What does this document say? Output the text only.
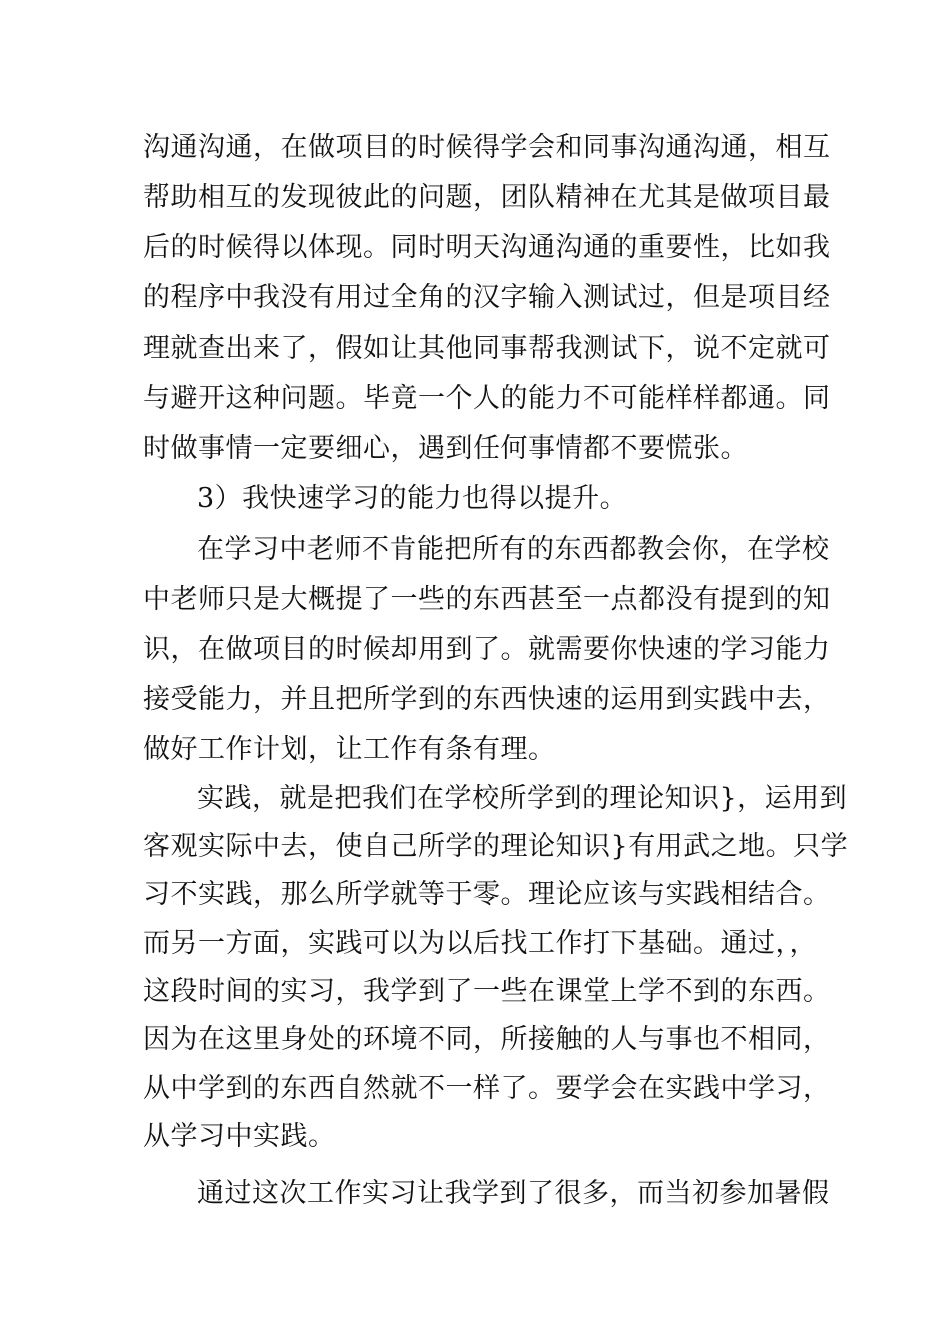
沟通沟通，在做项目的时候得学会和同事沟通沟通，相互
帮助相互的发现彼此的问题，团队精神在尤其是做项目最
后的时候得以体现。同时明天沟通沟通的重要性，比如我
的程序中我没有用过全角的汉字输入测试过，但是项目经
理就查出来了，假如让其他同事帮我测试下，说不定就可
与避开这种问题。毕竟一个人的能力不可能样样都通。同
时做事情一定要细心，遇到任何事情都不要慌张。
3）我快速学习的能力也得以提升。
在学习中老师不肯能把所有的东西都教会你，在学校
中老师只是大概提了一些的东西甚至一点都没有提到的知
识，在做项目的时候却用到了。就需要你快速的学习能力
接受能力，并且把所学到的东西快速的运用到实践中去，
做好工作计划，让工作有条有理。
实践，就是把我们在学校所学到的理论知识}，运用到
客观实际中去，使自己所学的理论知识}有用武之地。只学
习不实践，那么所学就等于零。理论应该与实践相结合。
而另一方面，实践可以为以后找工作打下基础。通过，，
这段时间的实习，我学到了一些在课堂上学不到的东西。
因为在这里身处的环境不同，所接触的人与事也不相同，
从中学到的东西自然就不一样了。要学会在实践中学习，
从学习中实践。
通过这次工作实习让我学到了很多，而当初参加暑假
